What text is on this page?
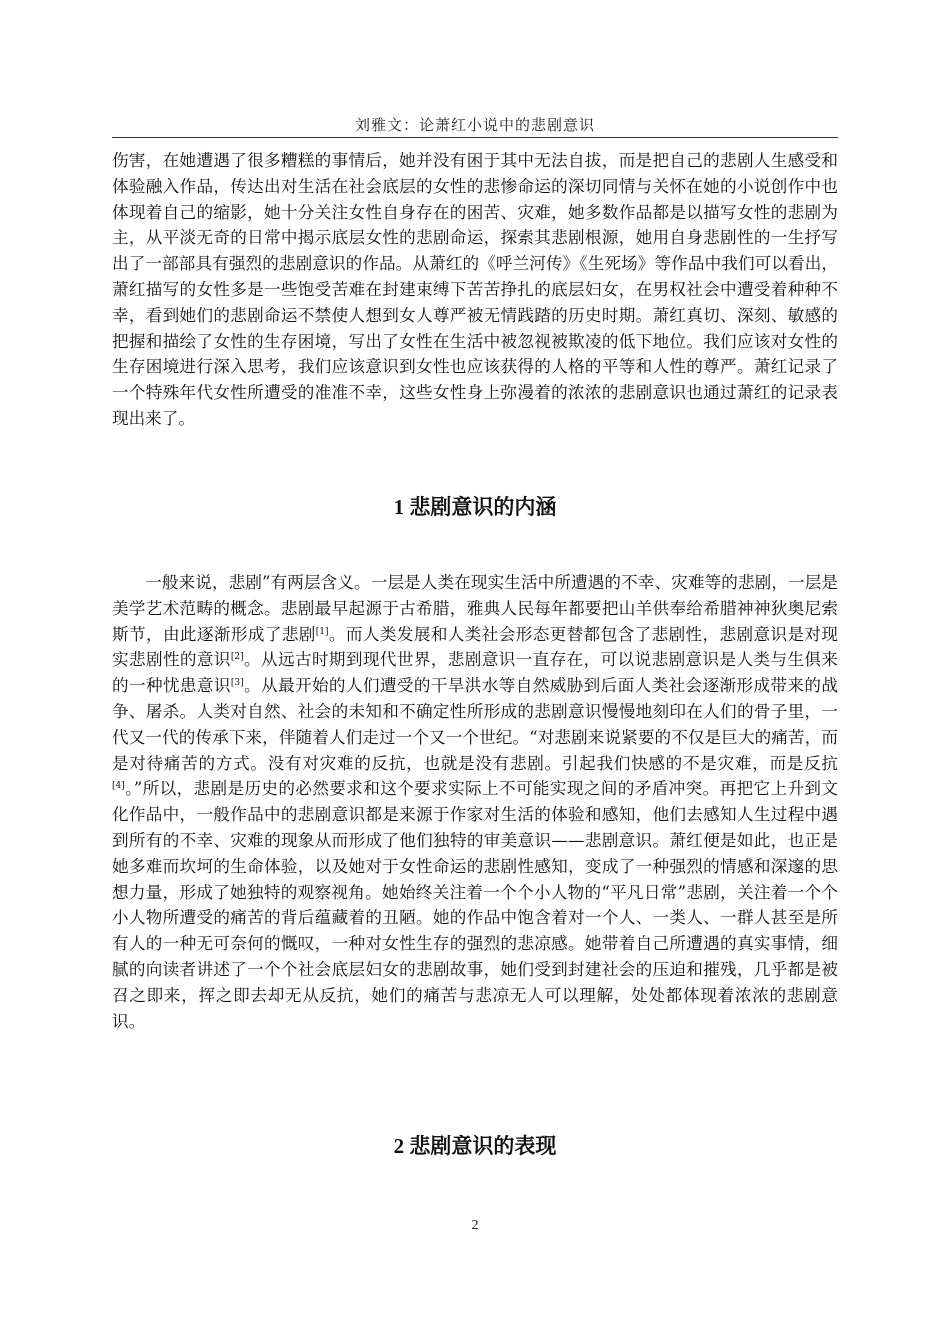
刘雅文：论萧红小说中的悲剧意识

伤害，在她遭遇了很多糟糕的事情后，她并没有困于其中无法自拔，而是把自己的悲剧人生感受和体验融入作品，传达出对生活在社会底层的女性的悲惨命运的深切同情与关怀在她的小说创作中也体现着自己的缩影，她十分关注女性自身存在的困苦、灾难，她多数作品都是以描写女性的悲剧为主，从平淡无奇的日常中揭示底层女性的悲剧命运，探索其悲剧根源，她用自身悲剧性的一生抒写出了一部部具有强烈的悲剧意识的作品。从萧红的《呼兰河传》《生死场》等作品中我们可以看出，萧红描写的女性多是一些饱受苦难在封建束缚下苦苦挣扎的底层妇女，在男权社会中遭受着种种不幸，看到她们的悲剧命运不禁使人想到女人尊严被无情践踏的历史时期。萧红真切、深刻、敏感的把握和描绘了女性的生存困境，写出了女性在生活中被忽视被欺凌的低下地位。我们应该对女性的生存困境进行深入思考，我们应该意识到女性也应该获得的人格的平等和人性的尊严。萧红记录了一个特殊年代女性所遭受的准准不幸，这些女性身上弥漫着的浓浓的悲剧意识也通过萧红的记录表现出来了。

1 悲剧意识的内涵

一般来说，悲剧”有两层含义。一层是人类在现实生活中所遭遇的不幸、灾难等的悲剧，一层是美学艺术范畴的概念。悲剧最早起源于古希腊，雅典人民每年都要把山羊供奉给希腊神神狄奥尼索斯节，由此逐渐形成了悲剧[1]。而人类发展和人类社会形态更替都包含了悲剧性，悲剧意识是对现实悲剧性的意识[2]。从远古时期到现代世界，悲剧意识一直存在，可以说悲剧意识是人类与生俱来的一种忧患意识[3]。从最开始的人们遭受的干旱洪水等自然威胁到后面人类社会逐渐形成带来的战争、屠杀。人类对自然、社会的未知和不确定性所形成的悲剧意识慢慢地刻印在人们的骨子里，一代又一代的传承下来，伴随着人们走过一个又一个世纪。“对悲剧来说紧要的不仅是巨大的痛苦，而是对待痛苦的方式。没有对灾难的反抗，也就是没有悲剧。引起我们快感的不是灾难，而是反抗[4]。”所以，悲剧是历史的必然要求和这个要求实际上不可能实现之间的矛盾冲突。再把它上升到文化作品中，一般作品中的悲剧意识都是来源于作家对生活的体验和感知，他们去感知人生过程中遇到所有的不幸、灾难的现象从而形成了他们独特的审美意识——悲剧意识。萧红便是如此，也正是她多难而坎坷的生命体验，以及她对于女性命运的悲剧性感知，变成了一种强烈的情感和深邃的思想力量，形成了她独特的观察视角。她始终关注着一个个小人物的“平凡日常”悲剧，关注着一个个小人物所遭受的痛苦的背后蕴藏着的丑陋。她的作品中饱含着对一个人、一类人、一群人甚至是所有人的一种无可奈何的慨叹，一种对女性生存的强烈的悲凉感。她带着自己所遭遇的真实事情，细腻的向读者讲述了一个个社会底层妇女的悲剧故事，她们受到封建社会的压迫和摧残，几乎都是被召之即来，挥之即去却无从反抗，她们的痛苦与悲凉无人可以理解，处处都体现着浓浓的悲剧意识。

2 悲剧意识的表现
2
